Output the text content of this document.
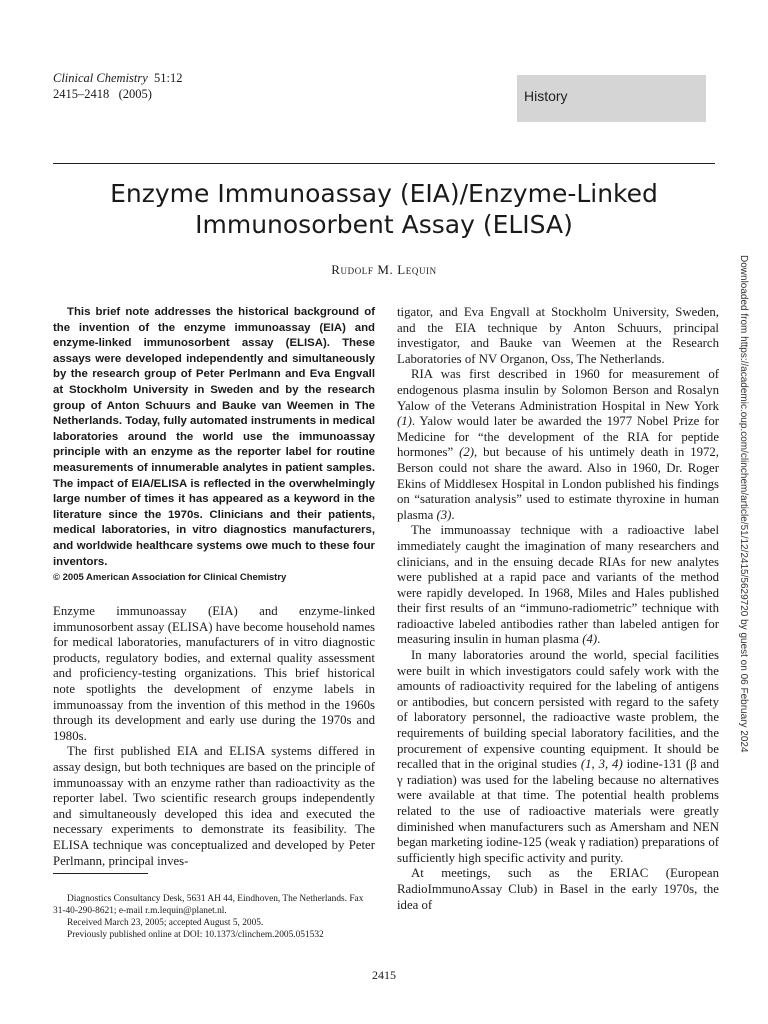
Clinical Chemistry 51:12
2415–2418   (2005)	History
Enzyme Immunoassay (EIA)/Enzyme-Linked
Immunosorbent Assay (ELISA)
Rudolf M. Lequin	Downloaded from https://academic.oup.com/clinchem/article/51/12/2415/5629720 by guest on 06 February 2024

This brief note addresses the historical background of the invention of the enzyme immunoassay (EIA) and enzyme-linked immunosorbent assay (ELISA). These assays were developed independently and simultaneously by the research group of Peter Perlmann and Eva Engvall at Stockholm University in Sweden and by the research group of Anton Schuurs and Bauke van Weemen in The Netherlands. Today, fully automated instruments in medical laboratories around the world use the immunoassay principle with an enzyme as the reporter label for routine measurements of innumerable analytes in patient samples. The impact of EIA/ELISA is reflected in the overwhelmingly large number of times it has appeared as a keyword in the literature since the 1970s. Clinicians and their patients, medical laboratories, in vitro diagnostics manufacturers, and worldwide healthcare systems owe much to these four inventors.

© 2005 American Association for Clinical Chemistry

Enzyme immunoassay (EIA) and enzyme-linked immunosorbent assay (ELISA) have become household names for medical laboratories, manufacturers of in vitro diagnostic products, regulatory bodies, and external quality assessment and proficiency-testing organizations. This brief historical note spotlights the development of enzyme labels in immunoassay from the invention of this method in the 1960s through its development and early use during the 1970s and 1980s.

The first published EIA and ELISA systems differed in assay design, but both techniques are based on the principle of immunoassay with an enzyme rather than radioactivity as the reporter label. Two scientific research groups independently and simultaneously developed this idea and executed the necessary experiments to demonstrate its feasibility. The ELISA technique was conceptualized and developed by Peter Perlmann, principal inves-

tigator, and Eva Engvall at Stockholm University, Sweden, and the EIA technique by Anton Schuurs, principal investigator, and Bauke van Weemen at the Research Laboratories of NV Organon, Oss, The Netherlands.

RIA was first described in 1960 for measurement of endogenous plasma insulin by Solomon Berson and Rosalyn Yalow of the Veterans Administration Hospital in New York (1). Yalow would later be awarded the 1977 Nobel Prize for Medicine for “the development of the RIA for peptide hormones” (2), but because of his untimely death in 1972, Berson could not share the award. Also in 1960, Dr. Roger Ekins of Middlesex Hospital in London published his findings on “saturation analysis” used to estimate thyroxine in human plasma (3).

The immunoassay technique with a radioactive label immediately caught the imagination of many researchers and clinicians, and in the ensuing decade RIAs for new analytes were published at a rapid pace and variants of the method were rapidly developed. In 1968, Miles and Hales published their first results of an “immuno-radiometric” technique with radioactive labeled antibodies rather than labeled antigen for measuring insulin in human plasma (4).

In many laboratories around the world, special facilities were built in which investigators could safely work with the amounts of radioactivity required for the labeling of antigens or antibodies, but concern persisted with regard to the safety of laboratory personnel, the radioactive waste problem, the requirements of building special laboratory facilities, and the procurement of expensive counting equipment. It should be recalled that in the original studies (1, 3, 4) iodine-131 (β and γ radiation) was used for the labeling because no alternatives were available at that time. The potential health problems related to the use of radioactive materials were greatly diminished when manufacturers such as Amersham and NEN began marketing iodine-125 (weak γ radiation) preparations of sufficiently high specific activity and purity.

At meetings, such as the ERIAC (European RadioImmunoAssay Club) in Basel in the early 1970s, the idea of

Diagnostics Consultancy Desk, 5631 AH 44, Eindhoven, The Netherlands. Fax 31-40-290-8621; e-mail r.m.lequin@planet.nl.

Received March 23, 2005; accepted August 5, 2005.

Previously published online at DOI: 10.1373/clinchem.2005.051532

2415
